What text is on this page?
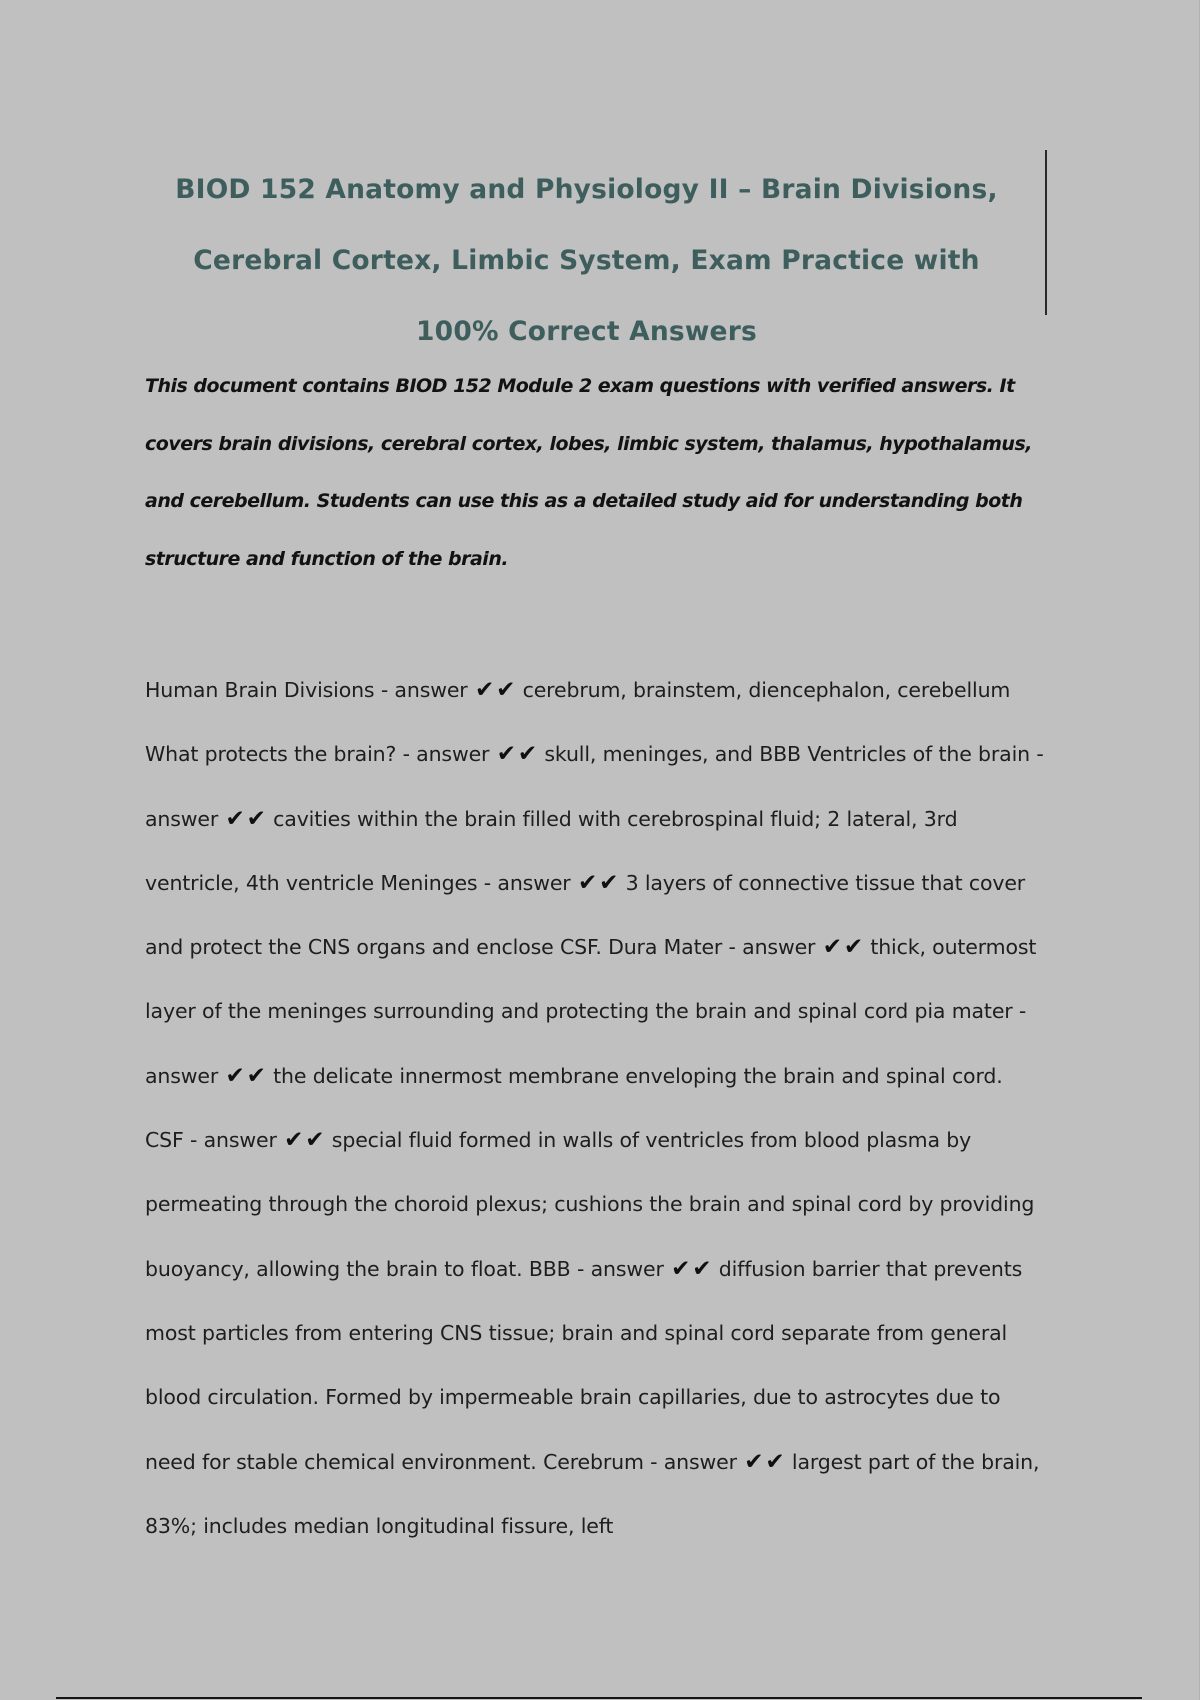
BIOD 152 Anatomy and Physiology II – Brain Divisions, Cerebral Cortex, Limbic System, Exam Practice with 100% Correct Answers

This document contains BIOD 152 Module 2 exam questions with verified answers. It covers brain divisions, cerebral cortex, lobes, limbic system, thalamus, hypothalamus, and cerebellum. Students can use this as a detailed study aid for understanding both structure and function of the brain.

Human Brain Divisions - answer ✔✔ cerebrum, brainstem, diencephalon, cerebellum What protects the brain? - answer ✔✔ skull, meninges, and BBB Ventricles of the brain - answer ✔✔ cavities within the brain filled with cerebrospinal fluid; 2 lateral, 3rd ventricle, 4th ventricle Meninges - answer ✔✔ 3 layers of connective tissue that cover and protect the CNS organs and enclose CSF. Dura Mater - answer ✔✔ thick, outermost layer of the meninges surrounding and protecting the brain and spinal cord pia mater - answer ✔✔ the delicate innermost membrane enveloping the brain and spinal cord. CSF - answer ✔✔ special fluid formed in walls of ventricles from blood plasma by permeating through the choroid plexus; cushions the brain and spinal cord by providing buoyancy, allowing the brain to float. BBB - answer ✔✔ diffusion barrier that prevents most particles from entering CNS tissue; brain and spinal cord separate from general blood circulation. Formed by impermeable brain capillaries, due to astrocytes due to need for stable chemical environment. Cerebrum - answer ✔✔ largest part of the brain, 83%; includes median longitudinal fissure, left
